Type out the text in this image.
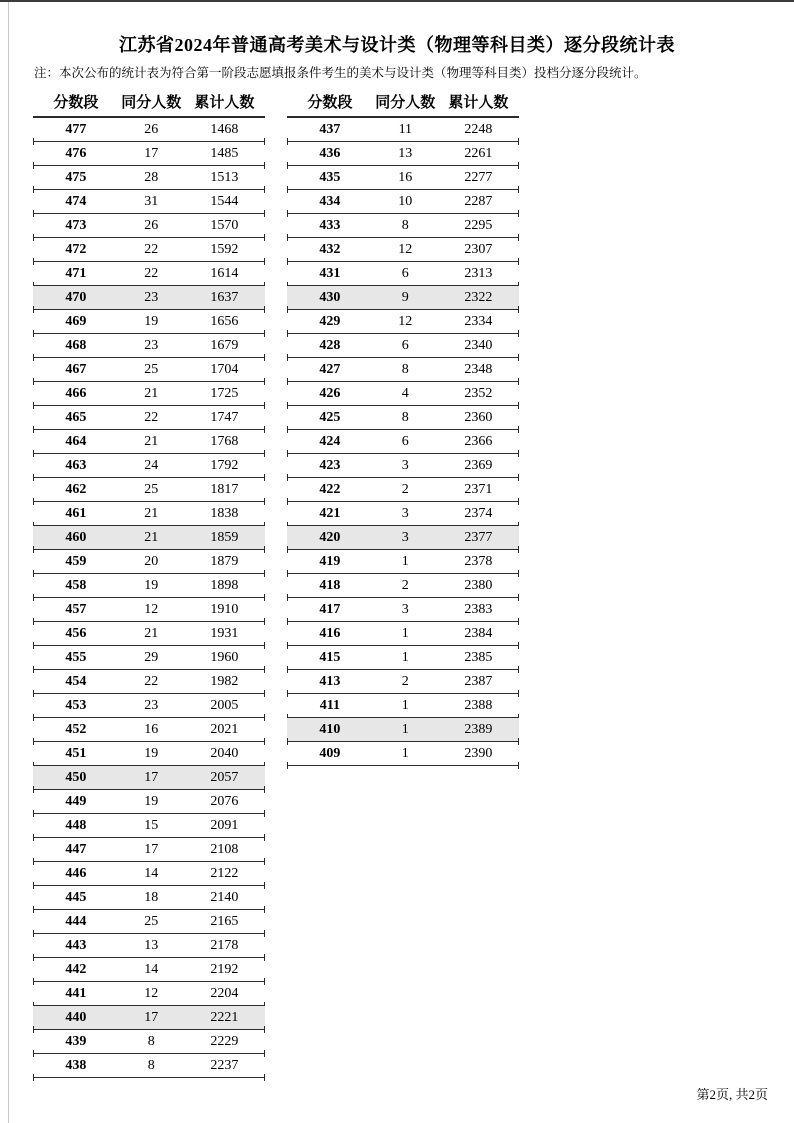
江苏省2024年普通高考美术与设计类（物理等科目类）逐分段统计表
注：本次公布的统计表为符合第一阶段志愿填报条件考生的美术与设计类（物理等科目类）投档分逐分段统计。
分数段	同分人数 累计人数
477	26	1468
476	17	1485
475	28	1513
474	31	1544
473	26	1570
472	22	1592
471	22	1614
470	23	1637
469	19	1656
468	23	1679
467	25	1704
466	21	1725
465	22	1747
464	21	1768
463	24	1792
462	25	1817
461	21	1838
460	21	1859
459	20	1879
458	19	1898
457	12	1910
456	21	1931
455	29	1960
454	22	1982
453	23	2005
452	16	2021
451	19	2040
450	17	2057
449	19	2076
448	15	2091
447	17	2108
446	14	2122
445	18	2140
444	25	2165
443	13	2178
442	14	2192
441	12	2204
440	17	2221
439	8	2229
438	8	2237
分数段	同分人数 累计人数
437	11	2248
436	13	2261
435	16	2277
434	10	2287
433	8	2295
432	12	2307
431	6	2313
430	9	2322
429	12	2334
428	6	2340
427	8	2348
426	4	2352
425	8	2360
424	6	2366
423	3	2369
422	2	2371
421	3	2374
420	3	2377
419	1	2378
418	2	2380
417	3	2383
416	1	2384
415	1	2385
413	2	2387
411	1	2388
410	1	2389
409	1	2390
第2页, 共2页
